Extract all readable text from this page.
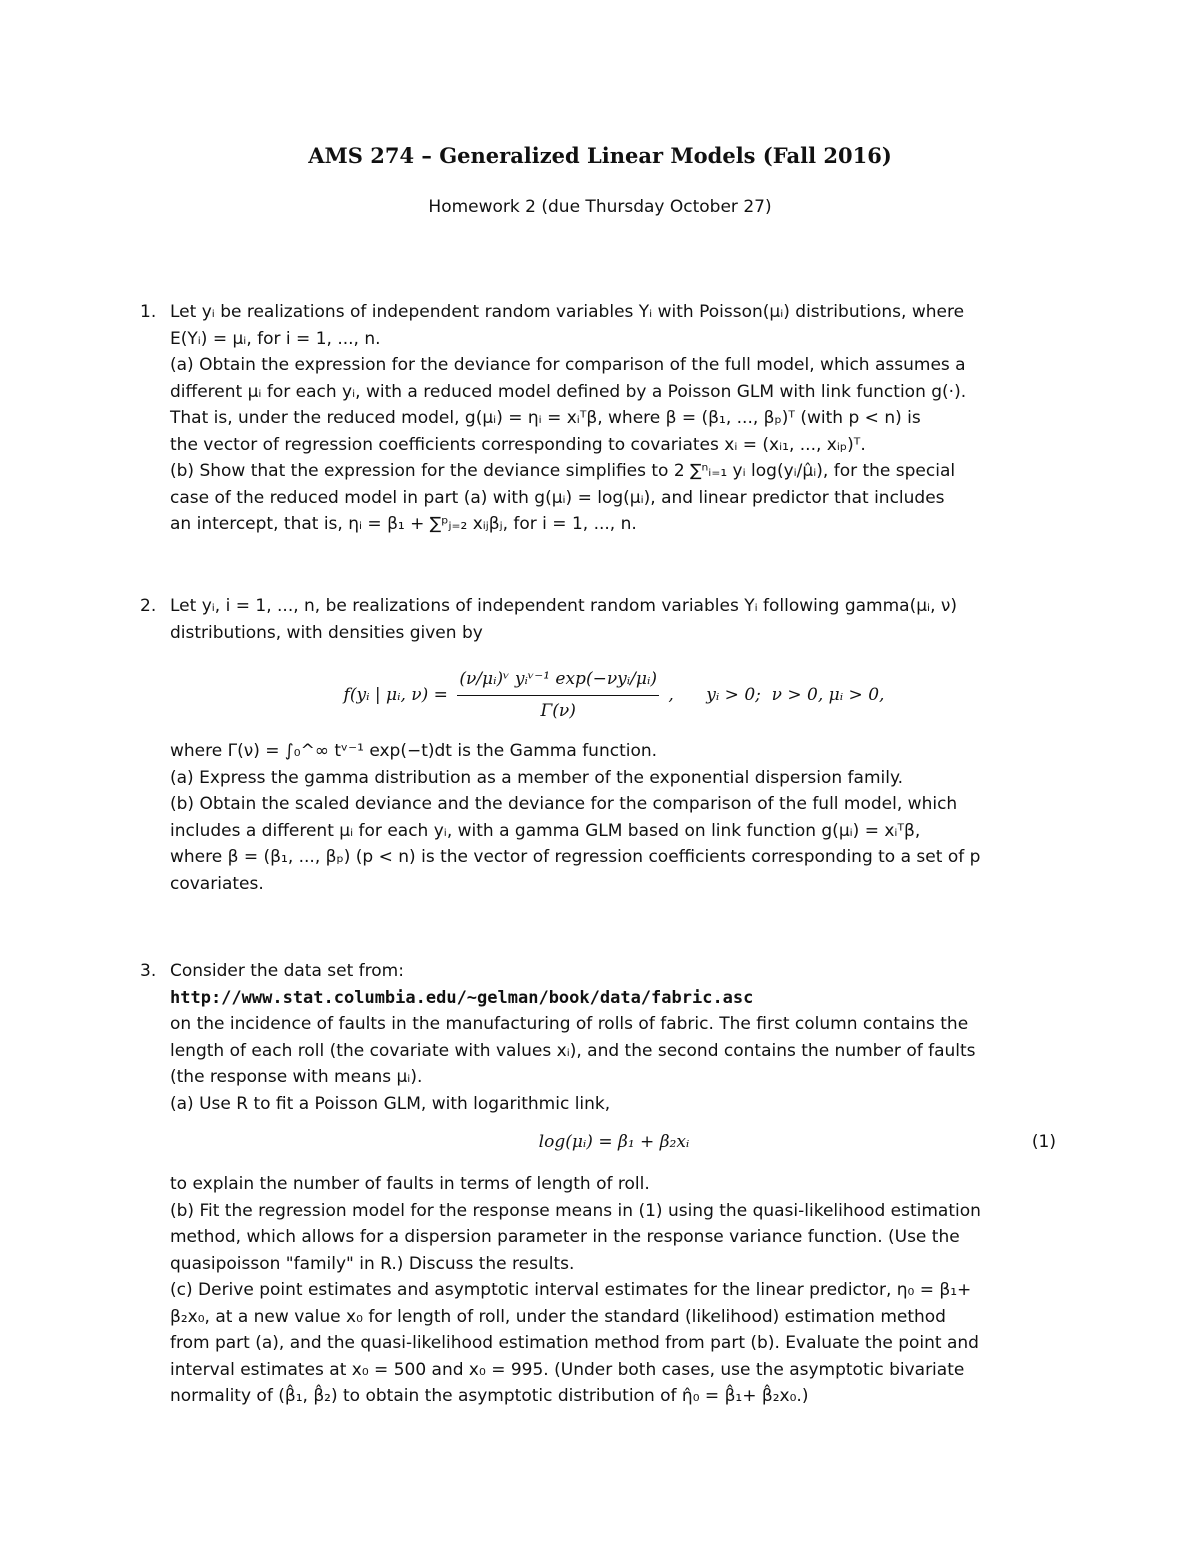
AMS 274 – Generalized Linear Models (Fall 2016)
Homework 2 (due Thursday October 27)
1. Let yᵢ be realizations of independent random variables Yᵢ with Poisson(μᵢ) distributions, where
E(Yᵢ) = μᵢ, for i = 1, ..., n.
(a) Obtain the expression for the deviance for comparison of the full model, which assumes a
different μᵢ for each yᵢ, with a reduced model defined by a Poisson GLM with link function g(·).
That is, under the reduced model, g(μᵢ) = ηᵢ = xᵢᵀβ, where β = (β₁, ..., βₚ)ᵀ (with p < n) is
the vector of regression coefficients corresponding to covariates xᵢ = (xᵢ₁, ..., xᵢₚ)ᵀ.
(b) Show that the expression for the deviance simplifies to 2 ∑ⁿᵢ₌₁ yᵢ log(yᵢ/μ̂ᵢ), for the special
case of the reduced model in part (a) with g(μᵢ) = log(μᵢ), and linear predictor that includes
an intercept, that is, ηᵢ = β₁ + ∑ᵖⱼ₌₂ xᵢⱼβⱼ, for i = 1, ..., n.
2. Let yᵢ, i = 1, ..., n, be realizations of independent random variables Yᵢ following gamma(μᵢ, ν)
distributions, with densities given by
f(yᵢ | μᵢ, $\nu) = \frac{\text{(ν/μᵢ)ᵛ yᵢᵛ⁻¹ exp(−νyᵢ/μᵢ)}}{\Gamma(\nu)}$ ,      yᵢ > 0;  ν > 0, μᵢ > 0,
where Γ(ν) = ∫₀^∞ tᵛ⁻¹ exp(−t)dt is the Gamma function.
(a) Express the gamma distribution as a member of the exponential dispersion family.
(b) Obtain the scaled deviance and the deviance for the comparison of the full model, which
includes a different μᵢ for each yᵢ, with a gamma GLM based on link function g(μᵢ) = xᵢᵀβ,
where β = (β₁, ..., βₚ) (p < n) is the vector of regression coefficients corresponding to a set of p
covariates.
3. Consider the data set from:
http://www.stat.columbia.edu/~gelman/book/data/fabric.asc
on the incidence of faults in the manufacturing of rolls of fabric. The first column contains the
length of each roll (the covariate with values xᵢ), and the second contains the number of faults
(the response with means μᵢ).
(a) Use R to fit a Poisson GLM, with logarithmic link,
log(μᵢ) = β₁ + β₂xᵢ	(1)
to explain the number of faults in terms of length of roll.
(b) Fit the regression model for the response means in (1) using the quasi-likelihood estimation
method, which allows for a dispersion parameter in the response variance function. (Use the
quasipoisson "family" in R.) Discuss the results.
(c) Derive point estimates and asymptotic interval estimates for the linear predictor, η₀ = β₁+
β₂x₀, at a new value x₀ for length of roll, under the standard (likelihood) estimation method
from part (a), and the quasi-likelihood estimation method from part (b). Evaluate the point and
interval estimates at x₀ = 500 and x₀ = 995. (Under both cases, use the asymptotic bivariate
normality of (β̂₁, β̂₂) to obtain the asymptotic distribution of η̂₀ = β̂₁+ β̂₂x₀.)
